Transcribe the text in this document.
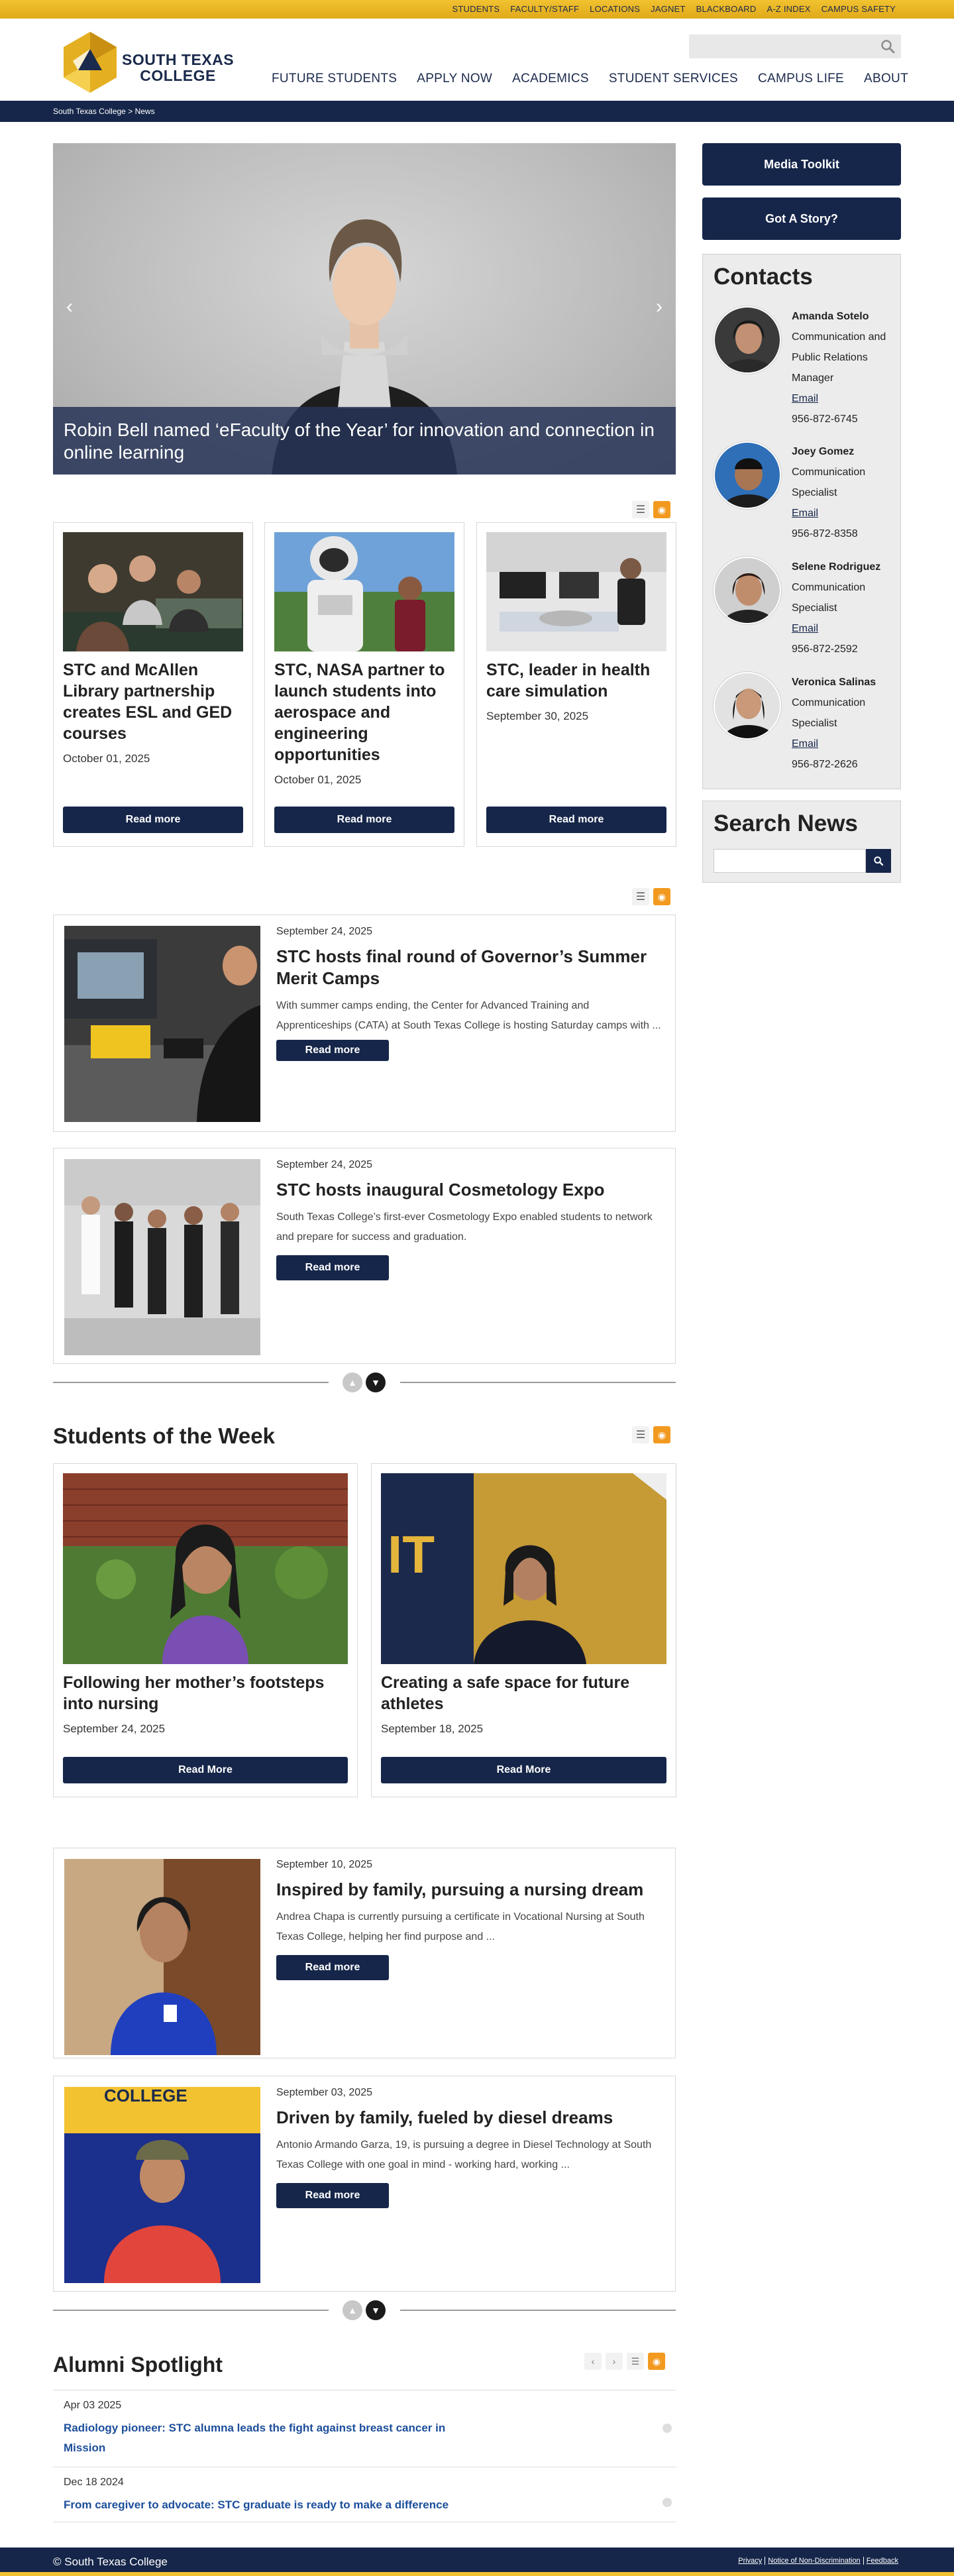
STUDENTS FACULTY/STAFF LOCATIONS JAGNET BLACKBOARD A-Z INDEX CAMPUS SAFETY
SOUTH TEXAS
COLLEGE	FUTURE STUDENTS APPLY NOW ACADEMICS STUDENT SERVICES CAMPUS LIFE ABOUT
South Texas College > News
‹	›
Robin Bell named ‘eFaculty of the Year’ for innovation and connection in online learning
☰	◉
STC and McAllen Library partnership creates ESL and GED courses
October 01, 2025
Read more
STC, NASA partner to launch students into aerospace and engineering opportunities
October 01, 2025
Read more
STC, leader in health care simulation
September 30, 2025
Read more
☰	◉
September 24, 2025
STC hosts final round of Governor’s Summer Merit Camps

With summer camps ending, the Center for Advanced Training and Apprenticeships (CATA) at South Texas College is hosting Saturday camps with ...

Read more
September 24, 2025
STC hosts inaugural Cosmetology Expo

South Texas College’s first-ever Cosmetology Expo enabled students to network and prepare for success and graduation.

Read more
▲	▼
Students of the Week	☰	◉
Following her mother’s footsteps into nursing
September 24, 2025
Read More
IT
Creating a safe space for future athletes
September 18, 2025
Read More
September 10, 2025
Inspired by family, pursuing a nursing dream

Andrea Chapa is currently pursuing a certificate in Vocational Nursing at South Texas College, helping her find purpose and ...

Read more
COLLEGE	September 03, 2025
Driven by family, fueled by diesel dreams

Antonio Armando Garza, 19, is pursuing a degree in Diesel Technology at South Texas College with one goal in mind - working hard, working ...

Read more
▲	▼
Alumni Spotlight	‹	›	☰	◉
Apr 03 2025
Radiology pioneer: STC alumna leads the fight against breast cancer in Mission
Dec 18 2024
From caregiver to advocate: STC graduate is ready to make a difference
Media Toolkit
Got A Story?
Contacts
Amanda Sotelo
Communication and Public Relations Manager
Email
956-872-6745
Joey Gomez
Communication Specialist
Email
956-872-8358
Selene Rodriguez
Communication Specialist
Email
956-872-2592
Veronica Salinas
Communication Specialist
Email
956-872-2626
Search News
© South Texas College	Privacy Notice of Non-Discrimination Feedback
